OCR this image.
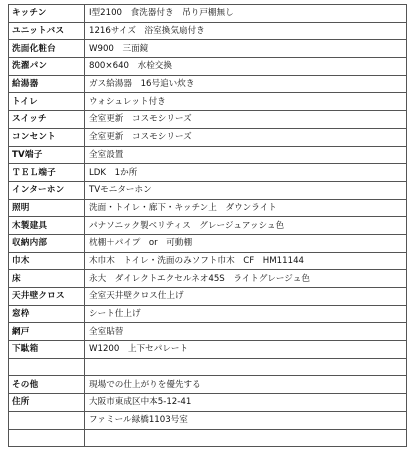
キッチン	I型2100　食洗器付き　吊り戸棚無し
ユニットバス	1216サイズ　浴室換気扇付き
洗面化粧台	W900　三面鏡
洗濯パン	800×640　水栓交換
給湯器	ガス給湯器　16号追い炊き
トイレ	ウォシュレット付き
スイッチ	全室更新　コスモシリーズ
コンセント	全室更新　コスモシリーズ
TV端子	全室設置
ＴＥＬ端子	LDK　1か所
インターホン	TVモニターホン
照明	洗面・トイレ・廊下・キッチン上　ダウンライト
木製建具	パナソニック製ベリティス　グレージュアッシュ色
収納内部	枕棚＋パイプ　or　可動棚
巾木	木巾木　トイレ・洗面のみソフト巾木　CF　HM11144
床	永大　ダイレクトエクセルネオ45S　ライトグレージュ色
天井壁クロス	全室天井壁クロス仕上げ
窓枠	シート仕上げ
網戸	全室貼替
下駄箱	W1200　上下セパレート

その他	現場での仕上がりを優先する
住所	大阪市東成区中本5-12-41
	ファミール緑橋1103号室
